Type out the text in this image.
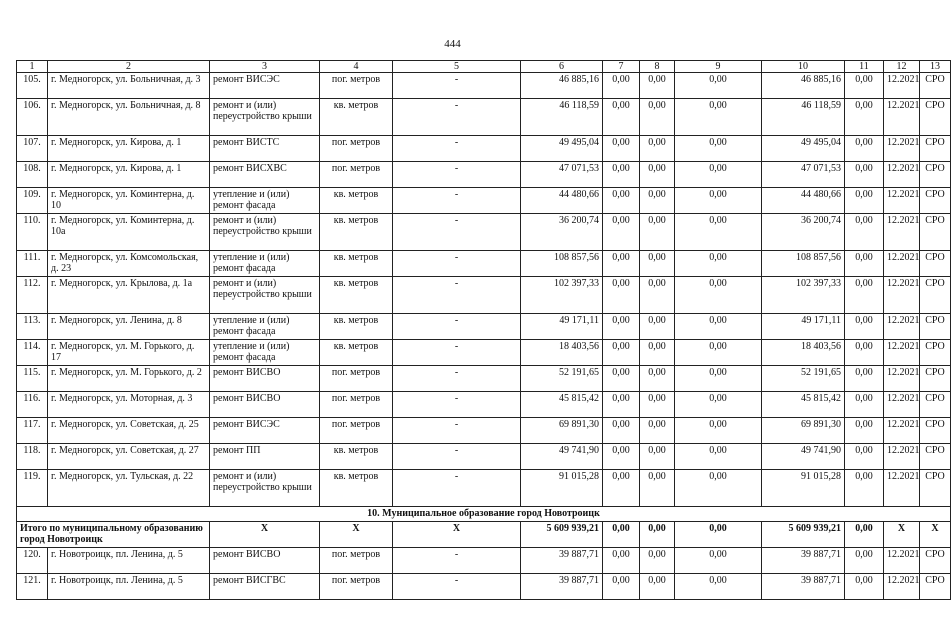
444
1	2	3	4	5	6	7	8	9	10	11	12	13
105.	г. Медногорск, ул. Больничная, д. 3	ремонт ВИСЭС	пог. метров	-	46 885,16	0,00	0,00	0,00	46 885,16	0,00	12.2021	СРО
106.	г. Медногорск, ул. Больничная, д. 8	ремонт и (или) переустройство крыши	кв. метров	-	46 118,59	0,00	0,00	0,00	46 118,59	0,00	12.2021	СРО
107.	г. Медногорск, ул. Кирова, д. 1	ремонт ВИСТС	пог. метров	-	49 495,04	0,00	0,00	0,00	49 495,04	0,00	12.2021	СРО
108.	г. Медногорск, ул. Кирова, д. 1	ремонт ВИСХВС	пог. метров	-	47 071,53	0,00	0,00	0,00	47 071,53	0,00	12.2021	СРО
109.	г. Медногорск, ул. Коминтерна, д. 10	утепление и (или) ремонт фасада	кв. метров	-	44 480,66	0,00	0,00	0,00	44 480,66	0,00	12.2021	СРО
110.	г. Медногорск, ул. Коминтерна, д. 10а	ремонт и (или) переустройство крыши	кв. метров	-	36 200,74	0,00	0,00	0,00	36 200,74	0,00	12.2021	СРО
111.	г. Медногорск, ул. Комсомольская, д. 23	утепление и (или) ремонт фасада	кв. метров	-	108 857,56	0,00	0,00	0,00	108 857,56	0,00	12.2021	СРО
112.	г. Медногорск, ул. Крылова, д. 1а	ремонт и (или) переустройство крыши	кв. метров	-	102 397,33	0,00	0,00	0,00	102 397,33	0,00	12.2021	СРО
113.	г. Медногорск, ул. Ленина, д. 8	утепление и (или) ремонт фасада	кв. метров	-	49 171,11	0,00	0,00	0,00	49 171,11	0,00	12.2021	СРО
114.	г. Медногорск, ул. М. Горького, д. 17	утепление и (или) ремонт фасада	кв. метров	-	18 403,56	0,00	0,00	0,00	18 403,56	0,00	12.2021	СРО
115.	г. Медногорск, ул. М. Горького, д. 2	ремонт ВИСВО	пог. метров	-	52 191,65	0,00	0,00	0,00	52 191,65	0,00	12.2021	СРО
116.	г. Медногорск, ул. Моторная, д. 3	ремонт ВИСВО	пог. метров	-	45 815,42	0,00	0,00	0,00	45 815,42	0,00	12.2021	СРО
117.	г. Медногорск, ул. Советская, д. 25	ремонт ВИСЭС	пог. метров	-	69 891,30	0,00	0,00	0,00	69 891,30	0,00	12.2021	СРО
118.	г. Медногорск, ул. Советская, д. 27	ремонт ПП	кв. метров	-	49 741,90	0,00	0,00	0,00	49 741,90	0,00	12.2021	СРО
119.	г. Медногорск, ул. Тульская, д. 22	ремонт и (или) переустройство крыши	кв. метров	-	91 015,28	0,00	0,00	0,00	91 015,28	0,00	12.2021	СРО
10. Муниципальное образование город Новотроицк												
Итого по муниципальному образованию город Новотроицк		X	X	X	5 609 939,21	0,00	0,00	0,00	5 609 939,21	0,00	X	X
120.	г. Новотроицк, пл. Ленина, д. 5	ремонт ВИСВО	пог. метров	-	39 887,71	0,00	0,00	0,00	39 887,71	0,00	12.2021	СРО
121.	г. Новотроицк, пл. Ленина, д. 5	ремонт ВИСГВС	пог. метров	-	39 887,71	0,00	0,00	0,00	39 887,71	0,00	12.2021	СРО
